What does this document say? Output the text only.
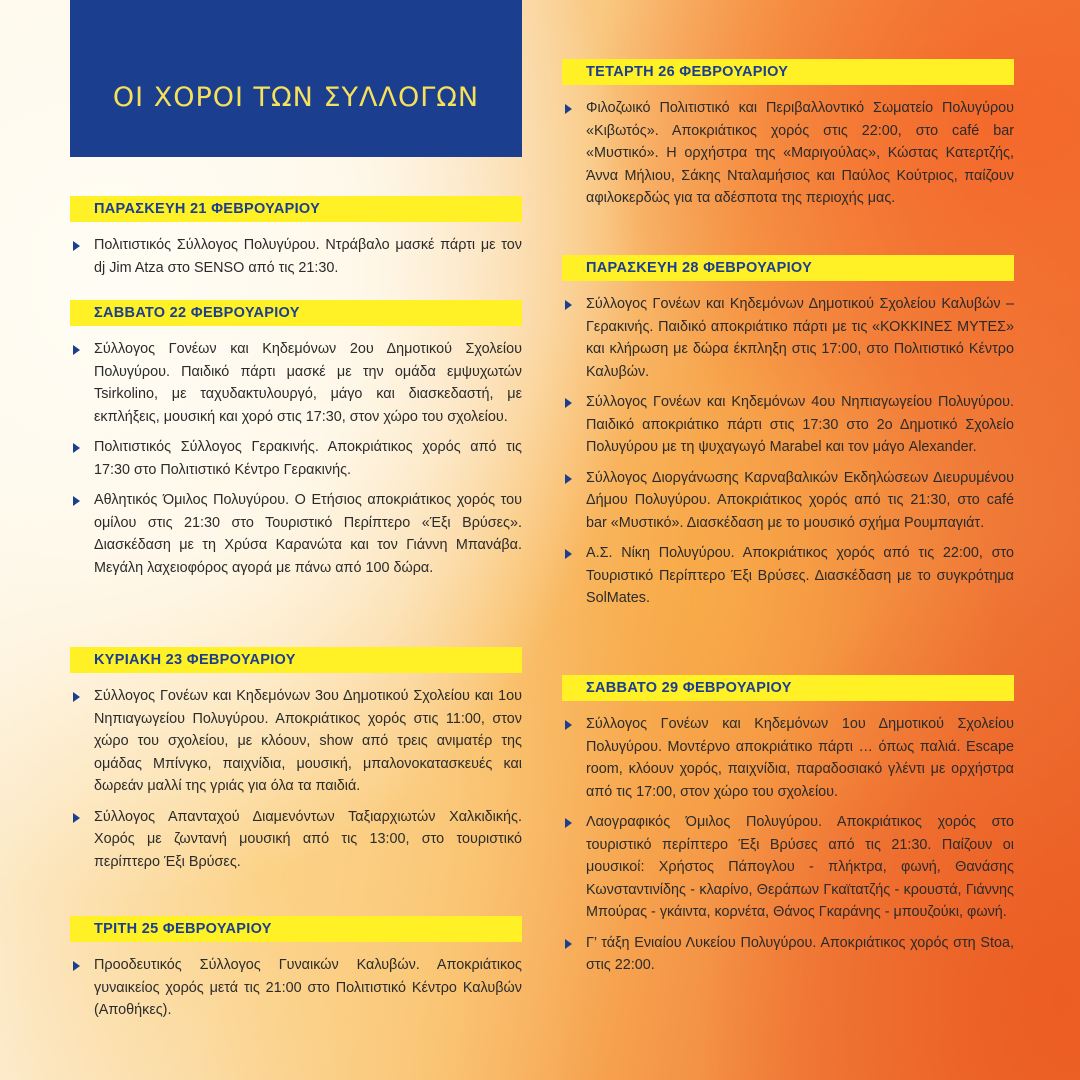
ΟΙ ΧΟΡΟΙ ΤΩΝ ΣΥΛΛΟΓΩΝ
ΠΑΡΑΣΚΕΥΗ 21 ΦΕΒΡΟΥΑΡΙΟΥ
Πολιτιστικός Σύλλογος Πολυγύρου. Ντράβαλο μασκέ πάρτι με τον dj Jim Atza στο SENSO από τις 21:30.
ΣΑΒΒΑΤΟ 22 ΦΕΒΡΟΥΑΡΙΟΥ
Σύλλογος Γονέων και Κηδεμόνων 2ου Δημοτικού Σχολείου Πολυγύρου. Παιδικό πάρτι μασκέ με την ομάδα εμψυχωτών Tsirkolino, με ταχυδακτυλουργό, μάγο και διασκεδαστή, με εκπλήξεις, μουσική και χορό στις 17:30, στον χώρο του σχολείου.
Πολιτιστικός Σύλλογος Γερακινής. Αποκριάτικος χορός από τις 17:30 στο Πολιτιστικό Κέντρο Γερακινής.
Αθλητικός Όμιλος Πολυγύρου. Ο Ετήσιος αποκριάτικος χορός του ομίλου στις 21:30 στο Τουριστικό Περίπτερο «Έξι Βρύσες». Διασκέδαση με τη Χρύσα Καρανώτα και τον Γιάννη Μπανάβα. Μεγάλη λαχειοφόρος αγορά με πάνω από 100 δώρα.
ΚΥΡΙΑΚΗ 23 ΦΕΒΡΟΥΑΡΙΟΥ
Σύλλογος Γονέων και Κηδεμόνων 3ου Δημοτικού Σχολείου και 1ου Νηπιαγωγείου Πολυγύρου. Αποκριάτικος χορός στις 11:00, στον χώρο του σχολείου, με κλόουν, show από τρεις ανιματέρ της ομάδας Μπίνγκο, παιχνίδια, μουσική, μπαλονοκατασκευές και δωρεάν μαλλί της γριάς για όλα τα παιδιά.
Σύλλογος Απανταχού Διαμενόντων Ταξιαρχιωτών Χαλκιδικής. Χορός με ζωντανή μουσική από τις 13:00, στο τουριστικό περίπτερο Έξι Βρύσες.
ΤΡΙΤΗ 25 ΦΕΒΡΟΥΑΡΙΟΥ
Προοδευτικός Σύλλογος Γυναικών Καλυβών. Αποκριάτικος γυναικείος χορός μετά τις 21:00 στο Πολιτιστικό Κέντρο Καλυβών (Αποθήκες).
ΤΕΤΑΡΤΗ 26 ΦΕΒΡΟΥΑΡΙΟΥ
Φιλοζωικό Πολιτιστικό και Περιβαλλοντικό Σωματείο Πολυγύρου «Κιβωτός». Αποκριάτικος χορός στις 22:00, στο café bar «Μυστικό». Η ορχήστρα της «Μαριγούλας», Κώστας Κατερτζής, Άννα Μήλιου, Σάκης Νταλαμήσιος και Παύλος Κούτριος, παίζουν αφιλοκερδώς για τα αδέσποτα της περιοχής μας.
ΠΑΡΑΣΚΕΥΗ 28 ΦΕΒΡΟΥΑΡΙΟΥ
Σύλλογος Γονέων και Κηδεμόνων Δημοτικού Σχολείου Καλυβών – Γερακινής. Παιδικό αποκριάτικο πάρτι με τις «ΚΟΚΚΙΝΕΣ ΜΥΤΕΣ» και κλήρωση με δώρα έκπληξη στις 17:00, στο Πολιτιστικό Κέντρο Καλυβών.
Σύλλογος Γονέων και Κηδεμόνων 4ου Νηπιαγωγείου Πολυγύρου. Παιδικό αποκριάτικο πάρτι στις 17:30 στο 2ο Δημοτικό Σχολείο Πολυγύρου με τη ψυχαγωγό Marabel και τον μάγο Alexander.
Σύλλογος Διοργάνωσης Καρναβαλικών Εκδηλώσεων Διευρυμένου Δήμου Πολυγύρου. Αποκριάτικος χορός από τις 21:30, στο café bar «Μυστικό». Διασκέδαση με το μουσικό σχήμα Ρουμπαγιάτ.
Α.Σ. Νίκη Πολυγύρου. Αποκριάτικος χορός από τις 22:00, στο Τουριστικό Περίπτερο Έξι Βρύσες. Διασκέδαση με το συγκρότημα SolMates.
ΣΑΒΒΑΤΟ 29 ΦΕΒΡΟΥΑΡΙΟΥ
Σύλλογος Γονέων και Κηδεμόνων 1ου Δημοτικού Σχολείου Πολυγύρου. Μοντέρνο αποκριάτικο πάρτι … όπως παλιά. Escape room, κλόουν χορός, παιχνίδια, παραδοσιακό γλέντι με ορχήστρα από τις 17:00, στον χώρο του σχολείου.
Λαογραφικός Όμιλος Πολυγύρου. Αποκριάτικος χορός στο τουριστικό περίπτερο Έξι Βρύσες από τις 21:30. Παίζουν οι μουσικοί: Χρήστος Πάπογλου - πλήκτρα, φωνή, Θανάσης Κωνσταντινίδης - κλαρίνο, Θεράπων Γκαϊτατζής - κρουστά, Γιάννης Μπούρας - γκάιντα, κορνέτα, Θάνος Γκαράνης - μπουζούκι, φωνή.
Γ’ τάξη Ενιαίου Λυκείου Πολυγύρου. Αποκριάτικος χορός στη Stoa, στις 22:00.
